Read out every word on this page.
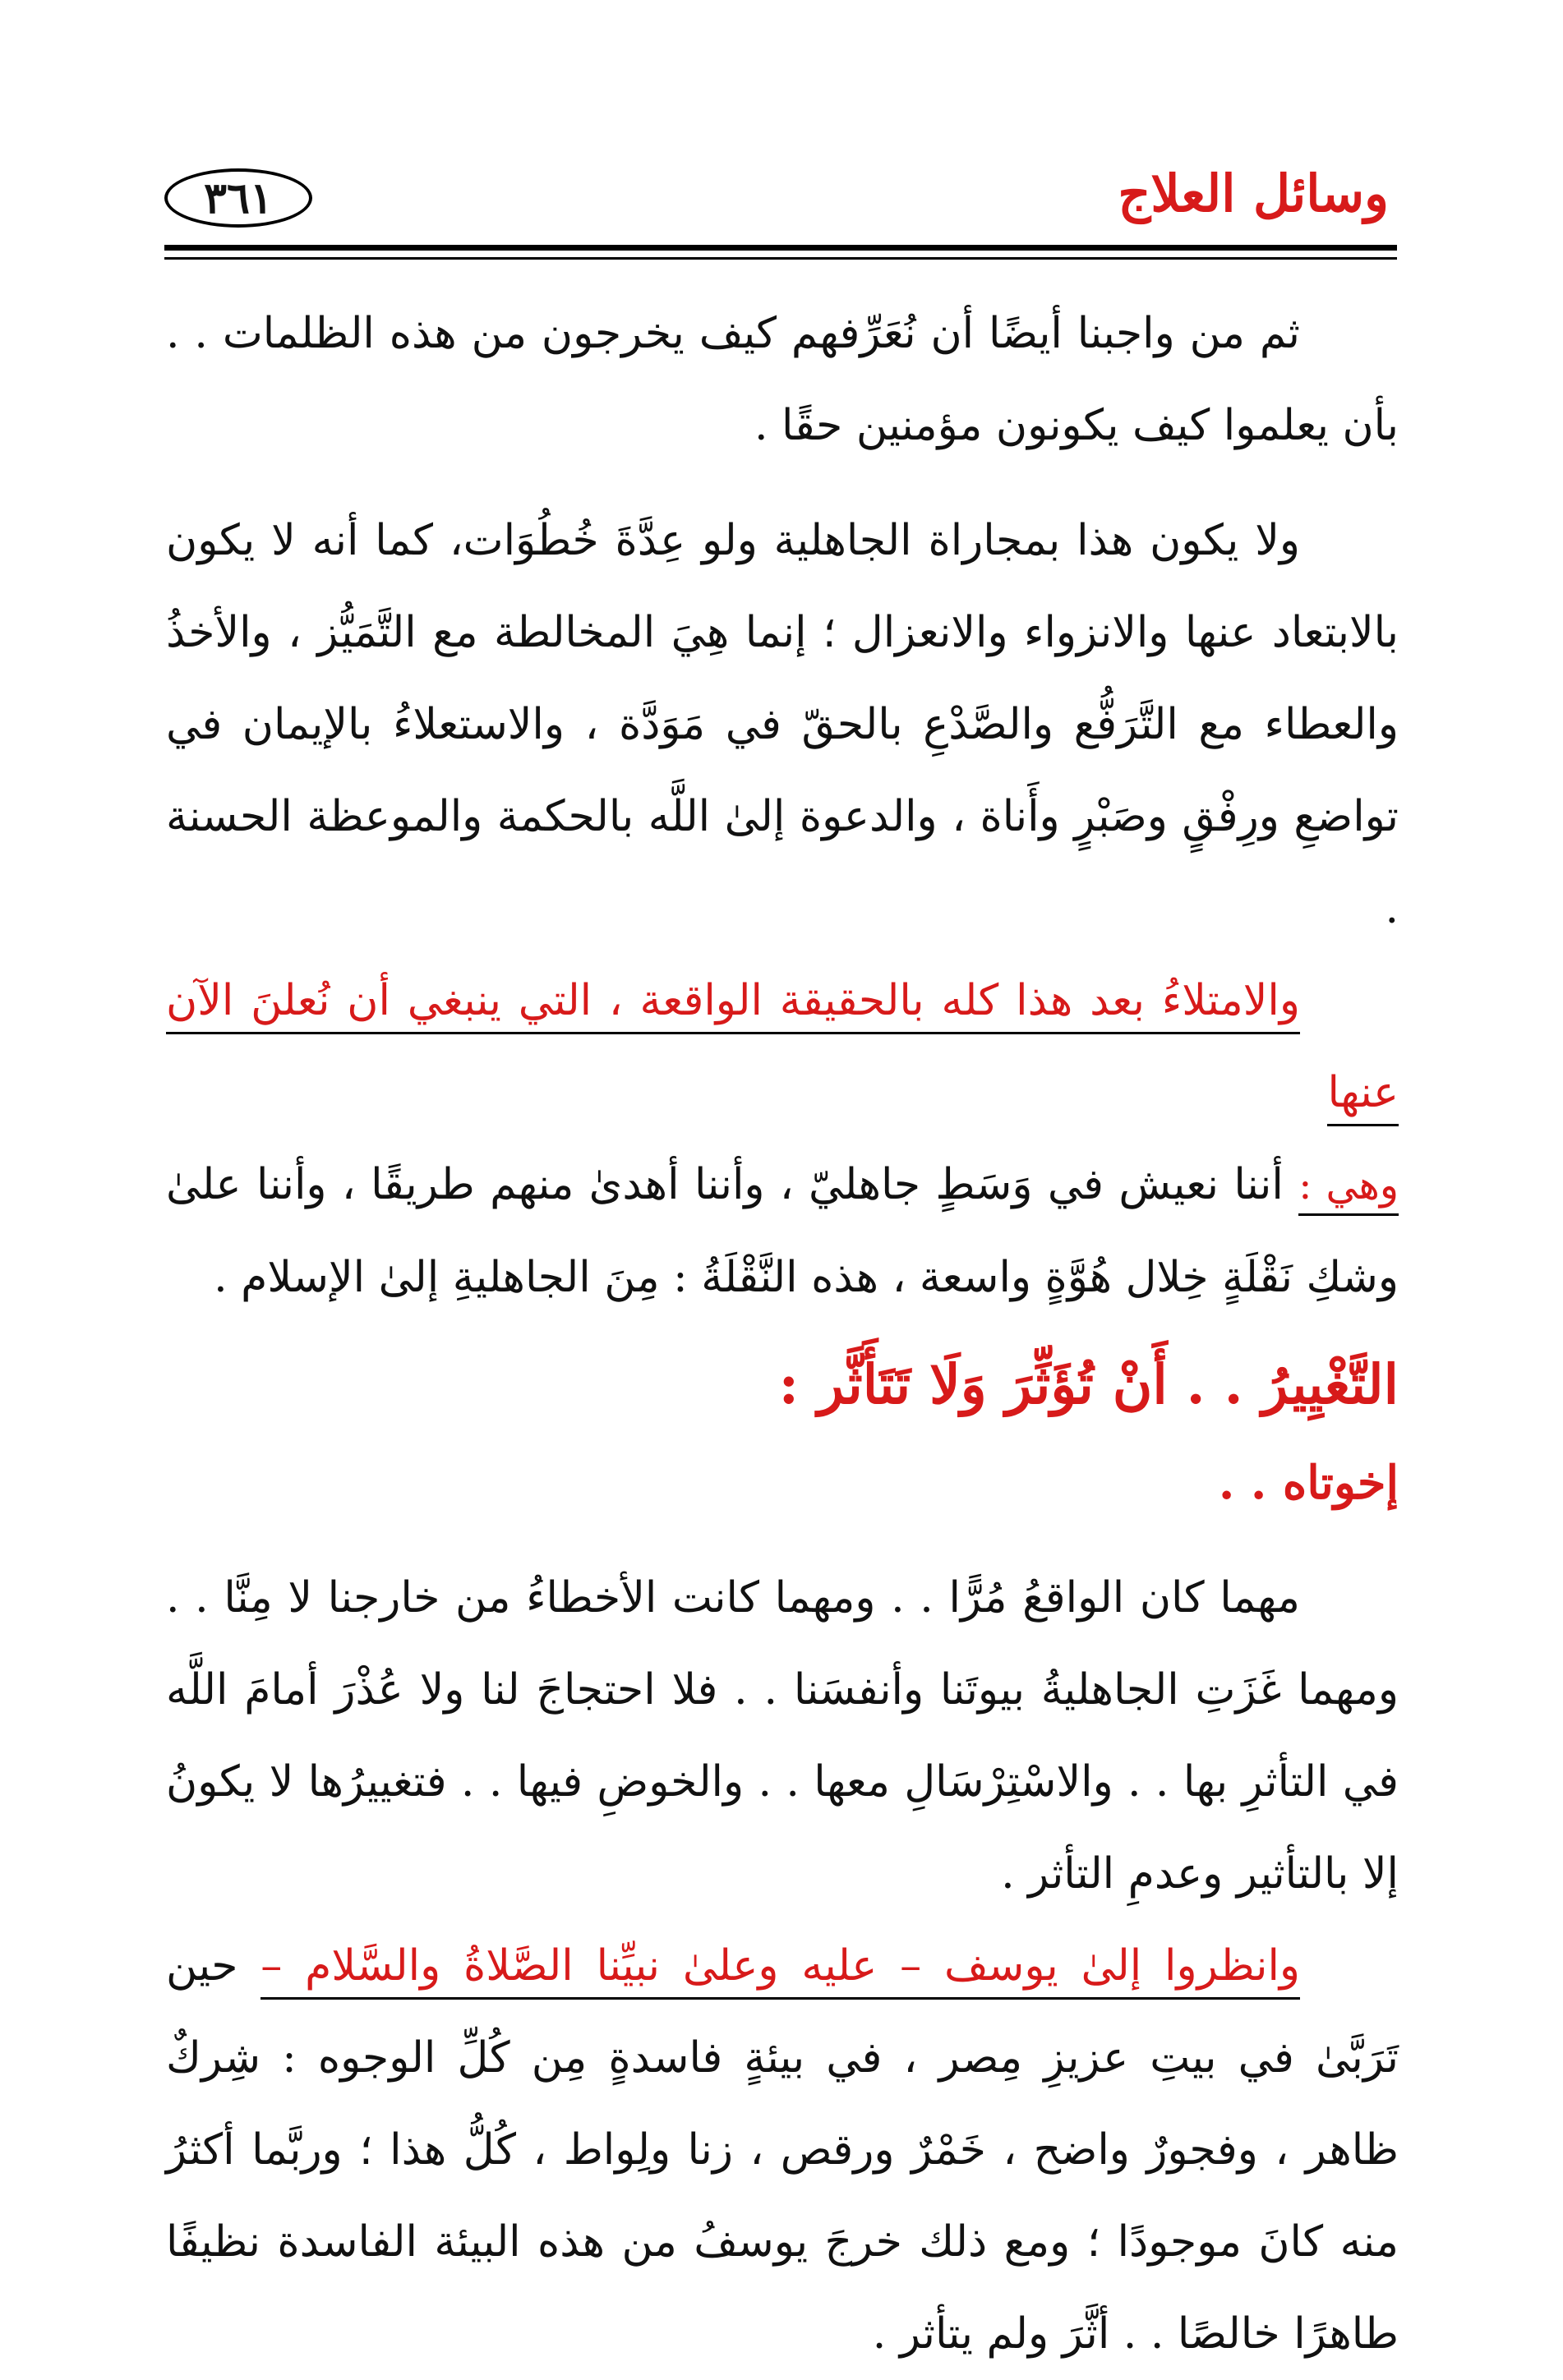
وسائل العلاج
٣٦١

ثم من واجبنا أيضًا أن نُعَرِّفهم كيف يخرجون من هذه الظلمات . . بأن يعلموا كيف يكونون مؤمنين حقًا .

ولا يكون هذا بمجاراة الجاهلية ولو عِدَّةَ خُطُوَات، كما أنه لا يكون بالابتعاد عنها والانزواء والانعزال ؛ إنما هِيَ المخالطة مع التَّمَيُّز ، والأخذُ والعطاء مع التَّرَفُّع والصَّدْعِ بالحقّ في مَوَدَّة ، والاستعلاءُ بالإيمان في تواضعِ ورِفْقٍ وصَبْرٍ وأَناة ، والدعوة إلىٰ اللَّه بالحكمة والموعظة الحسنة .

والامتلاءُ بعد هذا كله بالحقيقة الواقعة ، التي ينبغي أن نُعلنَ الآن عنها
وهي : أننا نعيش في وَسَطٍ جاهليّ ، وأننا أهدىٰ منهم طريقًا ، وأننا علىٰ وشكِ نَقْلَةٍ خِلال هُوَّةٍ واسعة ، هذه النَّقْلَةُ : مِنَ الجاهليةِ إلىٰ الإسلام .

التَّغْيِيرُ . . أَنْ تُؤَثِّرَ وَلَا تَتَأَثَّر :

إخوتاه . .

مهما كان الواقعُ مُرًّا . . ومهما كانت الأخطاءُ من خارجنا لا مِنَّا . . ومهما غَزَتِ الجاهليةُ بيوتَنا وأنفسَنا . . فلا احتجاجَ لنا ولا عُذْرَ أمامَ اللَّه في التأثرِ بها . . والاسْتِرْسَالِ معها . . والخوضِ فيها . . فتغييرُها لا يكونُ إلا بالتأثير وعدمِ التأثر .

وانظروا إلىٰ يوسف – عليه وعلىٰ نبيِّنا الصَّلاةُ والسَّلام – حين تَرَبَّىٰ في بيتِ عزيزِ مِصر ، في بيئةٍ فاسدةٍ مِن كُلِّ الوجوه : شِركٌ ظاهر ، وفجورٌ واضح ، خَمْرٌ ورقص ، زنا ولِواط ، كُلُّ هذا ؛ وربَّما أكثرُ منه كانَ موجودًا ؛ ومع ذلك خرجَ يوسفُ من هذه البيئة الفاسدة نظيفًا طاهرًا خالصًا . . أثَّرَ ولم يتأثر .
